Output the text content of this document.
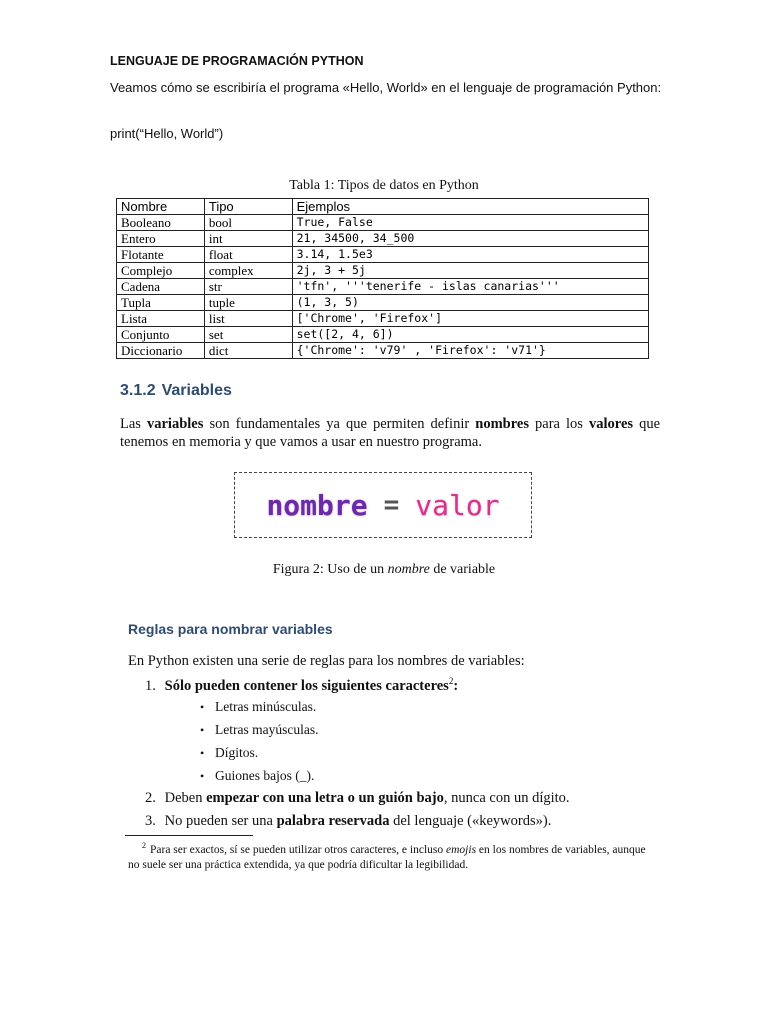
LENGUAJE DE PROGRAMACIÓN PYTHON
Veamos cómo se escribiría el programa «Hello, World» en el lenguaje de programación Python:
print(“Hello, World”)
Tabla 1: Tipos de datos en Python
Nombre	Tipo	Ejemplos
Booleano	bool	True, False
Entero	int	21, 34500, 34_500
Flotante	float	3.14, 1.5e3
Complejo	complex	2j, 3 + 5j
Cadena	str	'tfn', '''tenerife - islas canarias'''
Tupla	tuple	(1, 3, 5)
Lista	list	['Chrome', 'Firefox']
Conjunto	set	set([2, 4, 6])
Diccionario	dict	{'Chrome': 'v79' , 'Firefox': 'v71'}
3.1.2 Variables
Las variables son fundamentales ya que permiten definir nombres para los valores que tenemos en memoria y que vamos a usar en nuestro programa.
nombre = valor
Figura 2: Uso de un nombre de variable
Reglas para nombrar variables
En Python existen una serie de reglas para los nombres de variables:
1. Sólo pueden contener los siguientes caracteres$^2$:
• Letras minúsculas.
• Letras mayúsculas.
• Dígitos.
• Guiones bajos (_).
2. Deben empezar con una letra o un guión bajo, nunca con un dígito.
3. No pueden ser una palabra reservada del lenguaje («keywords»).
$^2$ Para ser exactos, sí se pueden utilizar otros caracteres, e incluso emojis en los nombres de variables, aunque no suele ser una práctica extendida, ya que podría dificultar la legibilidad.
